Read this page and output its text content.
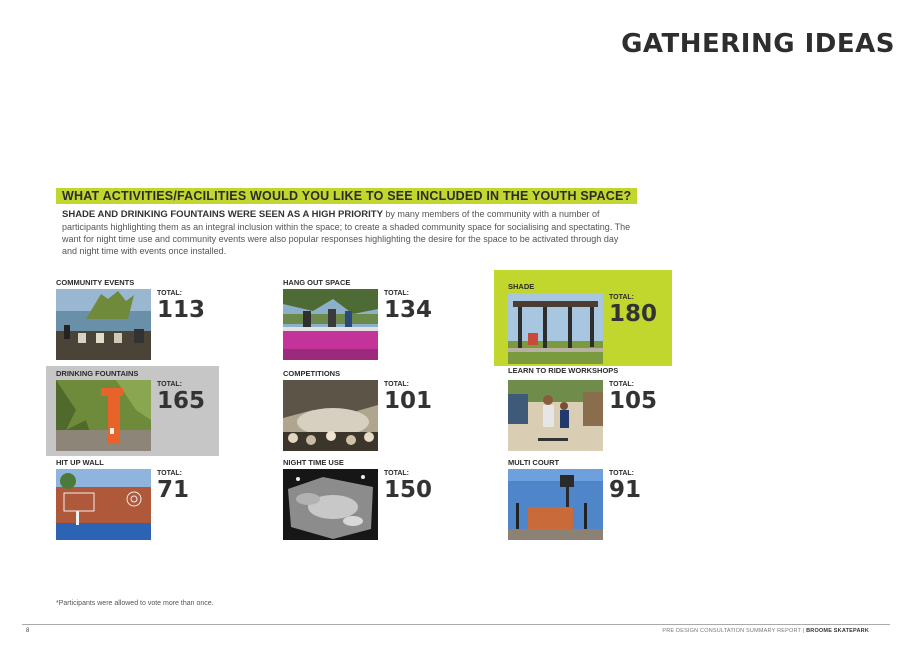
GATHERING IDEAS
WHAT ACTIVITIES/FACILITIES WOULD YOU LIKE TO SEE INCLUDED IN THE YOUTH SPACE?
SHADE AND DRINKING FOUNTAINS WERE SEEN AS A HIGH PRIORITY by many members of the community with a number of participants highlighting them as an integral inclusion within the space; to create a shaded community space for socialising and spectating. The want for night time use and community events were also popular responses highlighting the desire for the space to be activated through day and night time with events once installed.
COMMUNITY EVENTS
TOTAL:
113
HANG OUT SPACE
TOTAL:
134
SHADE
TOTAL:
180
DRINKING FOUNTAINS
TOTAL:
165
COMPETITIONS
TOTAL:
101
LEARN TO RIDE WORKSHOPS
TOTAL:
105
HIT UP WALL
TOTAL:
71
NIGHT TIME USE
TOTAL:
150
MULTI COURT
TOTAL:
91
*Participants were allowed to vote more than once.
8	PRE DESIGN CONSULTATION SUMMARY REPORT | BROOME SKATEPARK
